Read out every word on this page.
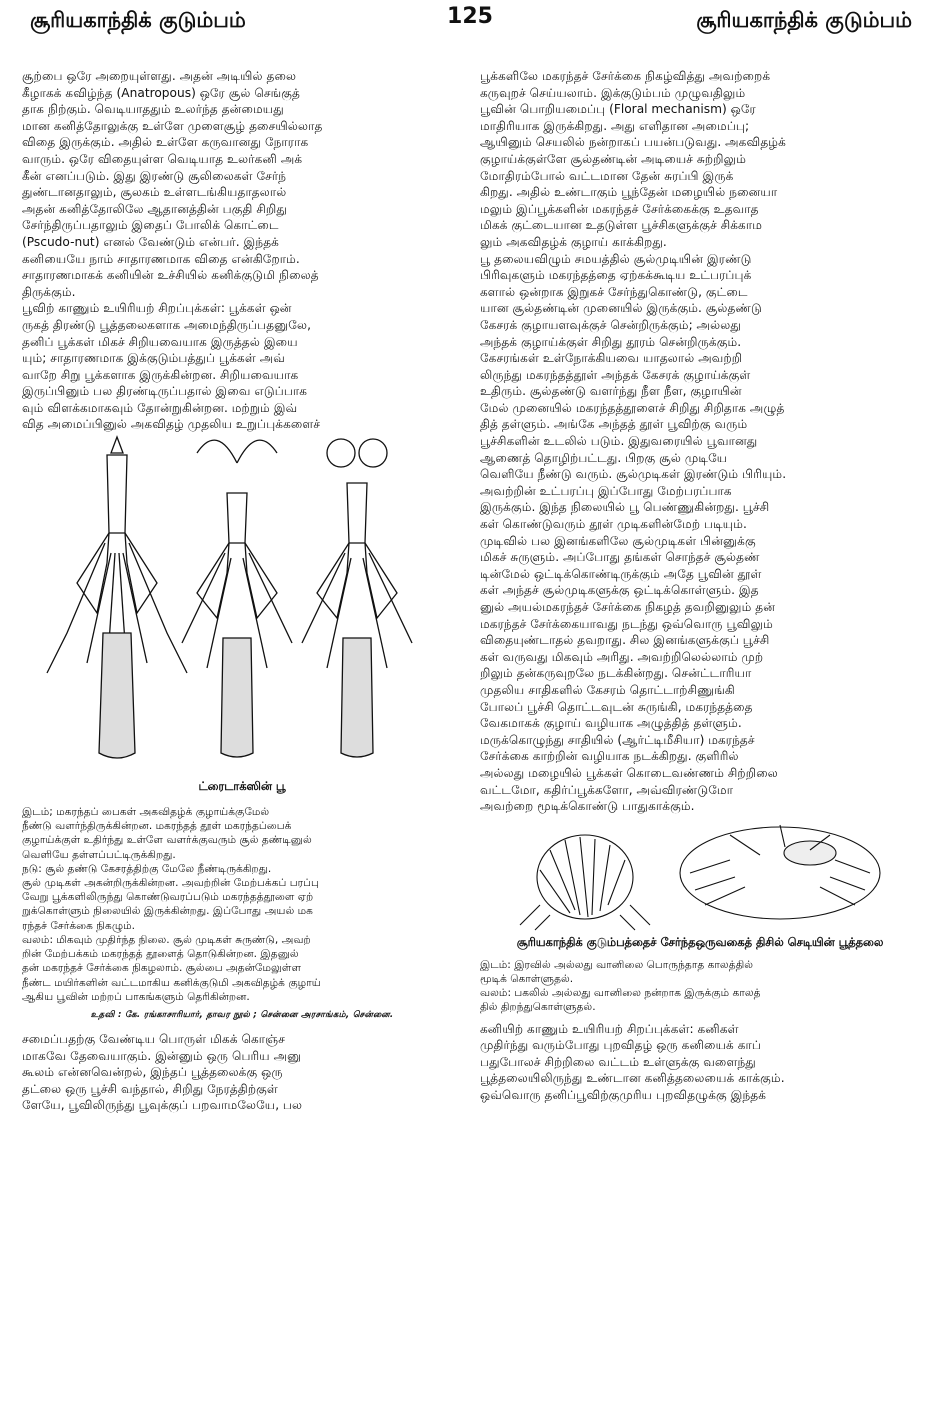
சூரியகாந்திக் குடும்பம்	125	சூரியகாந்திக் குடும்பம்
சூற்பை ஒரே அறையுள்ளது. அதன் அடியில் தலை
கீழாகக் கவிழ்ந்த (Anatropous) ஒரே சூல் செங்குத்
தாக நிற்கும். வெடியாததும் உலர்ந்த தன்மையது
மான கனித்தோலுக்கு உள்ளே முளைசூழ் தசையில்லாத
விதை இருக்கும். அதில் உள்ளே கருவானது நோராக
வாரும். ஒரே விதையுள்ள வெடியாத உலர்கனி அக்
கீன் எனப்படும். இது இரண்டு சூலிலைகள் சேர்ந்
துண்டானதாலும், சூலகம் உள்ளடங்கியதாதலால்
அதன் கனித்தோலிலே ஆதானத்தின் பகுதி சிறிது
சேர்ந்திருப்பதாலும் இதைப் போலிக் கொட்டை
(Pscudo-nut) எனல் வேண்டும் என்பர். இந்தக்
கனியையே நாம் சாதாரணமாக விதை என்கிறோம்.
சாதாரணமாகக் கனியின் உச்சியில் கனிக்குடுமி நிலைத்
திருக்கும்.
பூவிற் காணும் உயிரியற் சிறப்புக்கள்: பூக்கள் ஒன்
ருகத் திரண்டு பூத்தலைகளாக அமைந்திருப்பதனுலே,
தனிப் பூக்கள் மிகச் சிறியவையாக இருத்தல் இயை
யும்; சாதாரணமாக இக்குடும்பத்துப் பூக்கள் அவ்
வாறே சிறு பூக்களாக இருக்கின்றன. சிறியவையாக
இருப்பினும் பல திரண்டிருப்பதால் இவை எடுப்பாக
வும் விளக்கமாகவும் தோன்றுகின்றன. மற்றும் இவ்
வித அமைப்பினுல் அகவிதழ் முதலிய உறுப்புக்களைச்
ட்ரைடாக்ஸின் பூ
இடம்; மகரந்தப் பைகள் அகவிதழ்க் குழாய்க்குமேல்
நீண்டு வளர்ந்திருக்கின்றன. மகரந்தத் தூள் மகரந்தப்பைக்
குழாய்க்குள் உதிர்ந்து உள்ளே வளர்க்குவரும் சூல் தண்டினுல்
வெளியே தள்ளப்பட்டிருக்கிறது.
நடு: சூல் தண்டு கேசரத்திற்கு மேலே நீண்டிருக்கிறது.
சூல் முடிகள் அகன்றிருக்கின்றன. அவற்றின் மேற்பக்கப் பரப்பு
வேறு பூக்களிலிருந்து கொண்டுவரப்படும் மகரந்தத்தூளை ஏற்
றுக்கொள்ளும் நிலையில் இருக்கின்றது. இப்போது அயல் மக
ரந்தச் சேர்க்கை நிகழும்.
வலம்: மிகவும் முதிர்ந்த நிலை. சூல் முடிகள் சுருண்டு, அவற்
றின் மேற்பக்கம் மகரந்தத் தூளைத் தொடுகின்றன. இதனுல்
தன் மகரந்தச் சேர்க்கை நிகழலாம். சூல்பை அதன்மேலுள்ள
நீண்ட மயிர்களின் வட்டமாகிய கனிக்குடுமி அகவிதழ்க் குழாய்
ஆகிய பூவின் மற்றப் பாகங்களும் தெரிகின்றன.
உதவி : கே. ரங்காசாரியார், தாவர நூல் ; சென்னை அரசாங்கம், சென்னை.
சமைப்பதற்கு வேண்டிய பொருள் மிகக் கொஞ்ச
மாகவே தேவையாகும். இன்னும் ஒரு பெரிய அனு
கூலம் என்னவென்றல், இந்தப் பூத்தலைக்கு ஒரு
தட்லை ஒரு பூச்சி வந்தால், சிறிது நேரத்திற்குள்
ளேயே, பூவிலிருந்து பூவுக்குப் பறவாமலேயே, பல
பூக்களிலே மகரந்தச் சேர்க்கை நிகழ்வித்து அவற்றைக்
கருவுறச் செய்யலாம். இக்குடும்பம் முழுவதிலும்
பூவின் பொறியமைப்பு (Floral mechanism) ஒரே
மாதிரியாக இருக்கிறது. அது எளிதான அமைப்பு;
ஆயினும் செயலில் நன்றாகப் பயன்படுவது. அகவிதழ்க்
குழாய்க்குள்ளே சூல்தண்டின் அடியைச் சுற்றிலும்
மோதிரம்போல் வட்டமான தேன் சுரப்பி இருக்
கிறது. அதில் உண்டாகும் பூந்தேன் மழையில் நனையா
மலும் இப்பூக்களின் மகரந்தச் சேர்க்கைக்கு உதவாத
மிகக் குட்டையான உதடுள்ள பூச்சிகளுக்குச் சிக்காம
லும் அகவிதழ்க் குழாய் காக்கிறது.
பூ தலையவிழும் சமயத்தில் சூல்முடியின் இரண்டு
பிரிவுகளும் மகரந்தத்தை ஏற்கக்கூடிய உட்பரப்புக்
களால் ஒன்றாக இறுகச் சேர்ந்துகொண்டு, குட்டை
யான சூல்தண்டின் முனையில் இருக்கும். சூல்தண்டு
கேசரக் குழாயளவுக்குச் சென்றிருக்கும்; அல்லது
அந்தக் குழாய்க்குள் சிறிது தூரம் சென்றிருக்கும்.
கேசரங்கள் உள்நோக்கியவை யாதலால் அவற்றி
லிருந்து மகரந்தத்தூள் அந்தக் கேசரக் குழாய்க்குள்
உதிரும். சூல்தண்டு வளர்ந்து நீள நீள, குழாயின்
மேல் முனையில் மகரந்தத்தூளைச் சிறிது சிறிதாக அழுத்
தித் தள்ளும். அங்கே அந்தத் தூள் பூவிற்கு வரும்
பூச்சிகளின் உடலில் படும். இதுவரையில் பூவானது
ஆணைத் தொழிற்பட்டது. பிறகு சூல் முடியே
வெளியே நீண்டு வரும். சூல்முடிகள் இரண்டும் பிரியும்.
அவற்றின் உட்பரப்பு இப்போது மேற்பரப்பாக
இருக்கும். இந்த நிலையில் பூ பெண்ணுகின்றது. பூச்சி
கள் கொண்டுவரும் தூள் முடிகளின்மேற் படியும்.
முடிவில் பல இனங்களிலே சூல்முடிகள் பின்னுக்கு
மிகச் சுருளும். அப்போது தங்கள் சொந்தச் சூல்தண்
டின்மேல் ஒட்டிக்கொண்டிருக்கும் அதே பூவின் தூள்
கள் அந்தச் சூல்முடிகளுக்கு ஒட்டிக்கொள்ளும். இத
னுல் அயல்மகரந்தச் சேர்க்கை நிகழத் தவறினுலும் தன்
மகரந்தச் சேர்க்கையாவது நடந்து ஒவ்வொரு பூவிலும்
விதையுண்டாதல் தவறாது. சில இனங்களுக்குப் பூச்சி
கள் வருவது மிகவும் அரிது. அவற்றிலெல்லாம் முற்
றிலும் தன்கருவுறலே நடக்கின்றது. சென்ட்டாரியா
முதலிய சாதிகளில் கேசரம் தொட்டாற்சிணுங்கி
போலப் பூச்சி தொட்டவுடன் சுருங்கி, மகரந்தத்தை
வேகமாகக் குழாய் வழியாக அழுத்தித் தள்ளும்.
மருக்கொழுந்து சாதியில் (ஆர்ட்டிமீசியா) மகரந்தச்
சேர்க்கை காற்றின் வழியாக நடக்கிறது. குளிரில்
அல்லது மழையில் பூக்கள் கொடைவண்ணம் சிற்றிலை
வட்டமோ, கதிர்ப்பூக்களோ, அவ்விரண்டுமோ
அவற்றை மூடிக்கொண்டு பாதுகாக்கும்.
சூரியகாந்திக் குடும்பத்தைச் சேர்ந்தஒருவகைத் திசில் செடியின் பூத்தலை
இடம்: இரவில் அல்லது வானிலை பொருந்தாத காலத்தில்
மூடிக் கொள்ளுதல்.
வலம்: பகலில் அல்லது வானிலை நன்றாக இருக்கும் காலத்
தில் திறந்துகொள்ளுதல்.
கனியிற் காணும் உயிரியற் சிறப்புக்கள்: கனிகள்
முதிர்ந்து வரும்போது புறவிதழ் ஒரு கனியைக் காப்
பதுபோலச் சிற்றிலை வட்டம் உள்ளுக்கு வளைந்து
பூத்தலையிலிருந்து உண்டான கனித்தலையைக் காக்கும்.
ஒவ்வொரு தனிப்பூவிற்குமுரிய புறவிதழுக்கு இந்தக்
